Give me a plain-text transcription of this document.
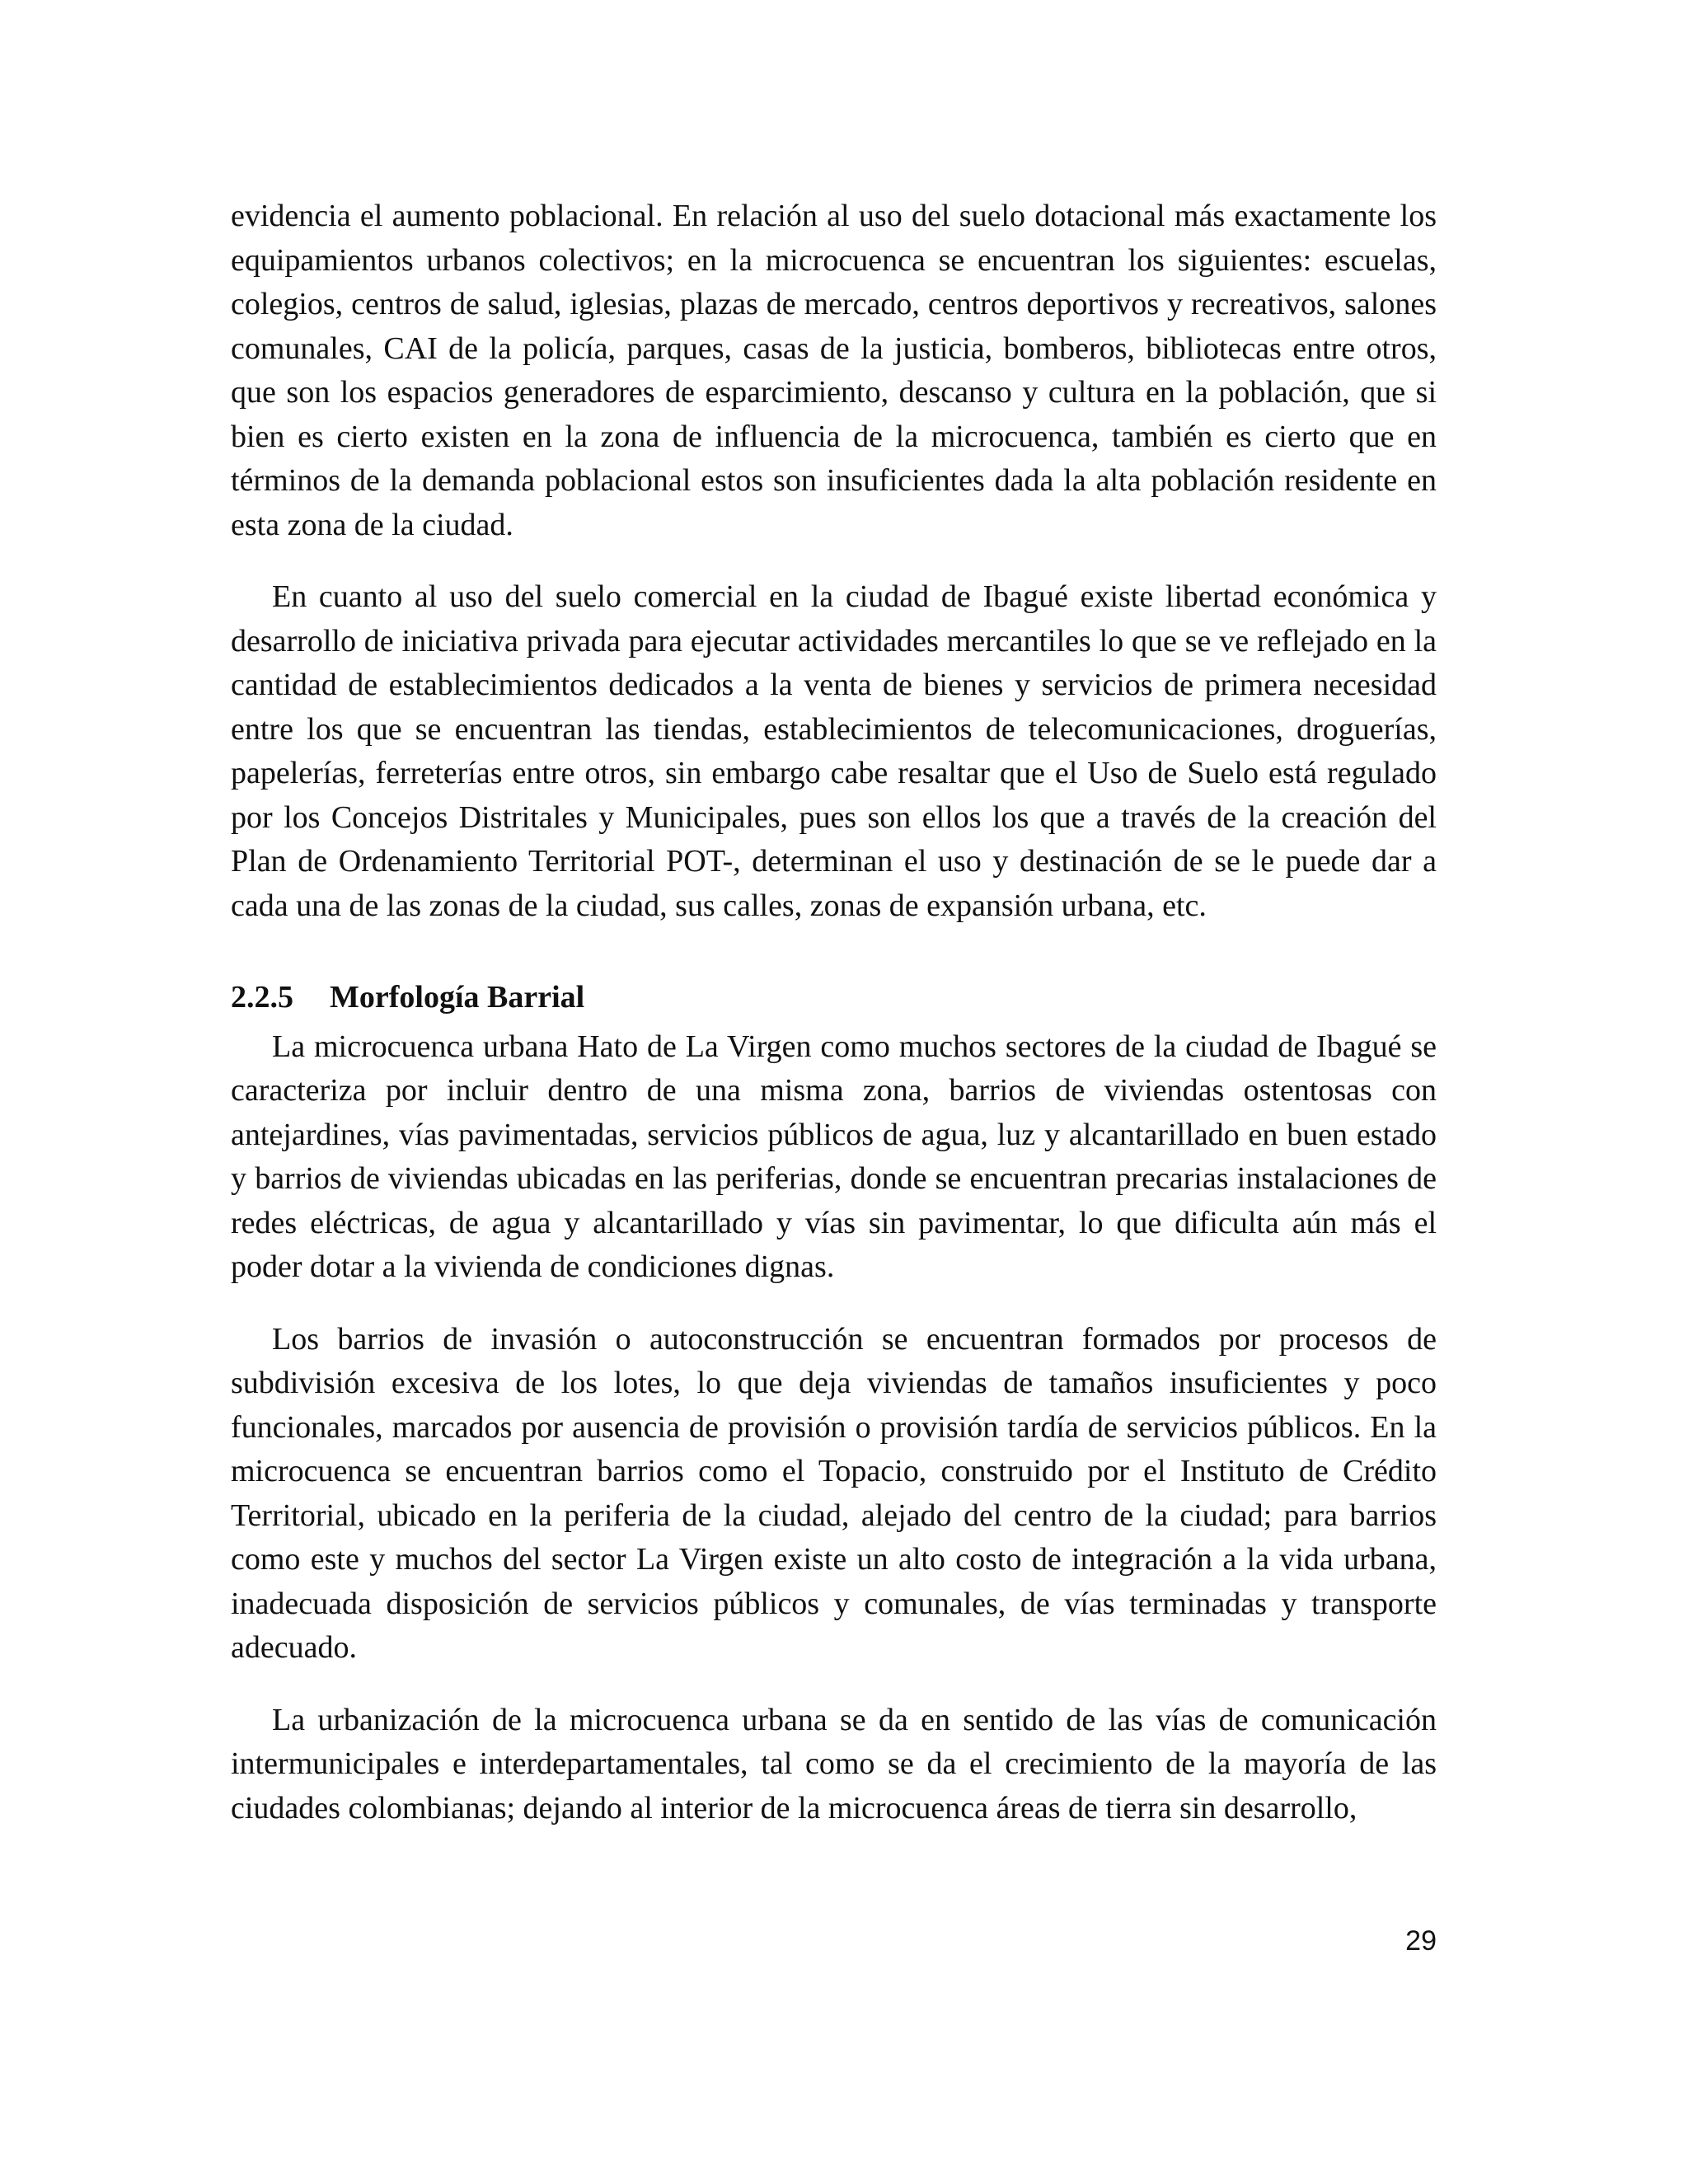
evidencia el aumento poblacional. En relación al uso del suelo dotacional más exactamente los equipamientos urbanos colectivos; en la microcuenca se encuentran los siguientes: escuelas, colegios, centros de salud, iglesias, plazas de mercado, centros deportivos y recreativos, salones comunales, CAI de la policía, parques, casas de la justicia, bomberos, bibliotecas entre otros, que son los espacios generadores de esparcimiento, descanso y cultura en la población, que si bien es cierto existen en la zona de influencia de la microcuenca, también es cierto que en términos de la demanda poblacional estos son insuficientes dada la alta población residente en esta zona de la ciudad.

En cuanto al uso del suelo comercial en la ciudad de Ibagué existe libertad económica y desarrollo de iniciativa privada para ejecutar actividades mercantiles lo que se ve reflejado en la cantidad de establecimientos dedicados a la venta de bienes y servicios de primera necesidad entre los que se encuentran las tiendas, establecimientos de telecomunicaciones, droguerías, papelerías, ferreterías entre otros, sin embargo cabe resaltar que el Uso de Suelo está regulado por los Concejos Distritales y Municipales, pues son ellos los que a través de la creación del Plan de Ordenamiento Territorial POT-, determinan el uso y destinación de se le puede dar a cada una de las zonas de la ciudad, sus calles, zonas de expansión urbana, etc.

2.2.5	Morfología Barrial

La microcuenca urbana Hato de La Virgen como muchos sectores de la ciudad de Ibagué se caracteriza por incluir dentro de una misma zona, barrios de viviendas ostentosas con antejardines, vías pavimentadas, servicios públicos de agua, luz y alcantarillado en buen estado y barrios de viviendas ubicadas en las periferias, donde se encuentran precarias instalaciones de redes eléctricas, de agua y alcantarillado y vías sin pavimentar, lo que dificulta aún más el poder dotar a la vivienda de condiciones dignas.

Los barrios de invasión o autoconstrucción se encuentran formados por procesos de subdivisión excesiva de los lotes, lo que deja viviendas de tamaños insuficientes y poco funcionales, marcados por ausencia de provisión o provisión tardía de servicios públicos. En la microcuenca se encuentran barrios como el Topacio, construido por el Instituto de Crédito Territorial, ubicado en la periferia de la ciudad, alejado del centro de la ciudad; para barrios como este y muchos del sector La Virgen existe un alto costo de integración a la vida urbana, inadecuada disposición de servicios públicos y comunales, de vías terminadas y transporte adecuado.

La urbanización de la microcuenca urbana se da en sentido de las vías de comunicación intermunicipales e interdepartamentales, tal como se da el crecimiento de la mayoría de las ciudades colombianas; dejando al interior de la microcuenca áreas de tierra sin desarrollo,

29
